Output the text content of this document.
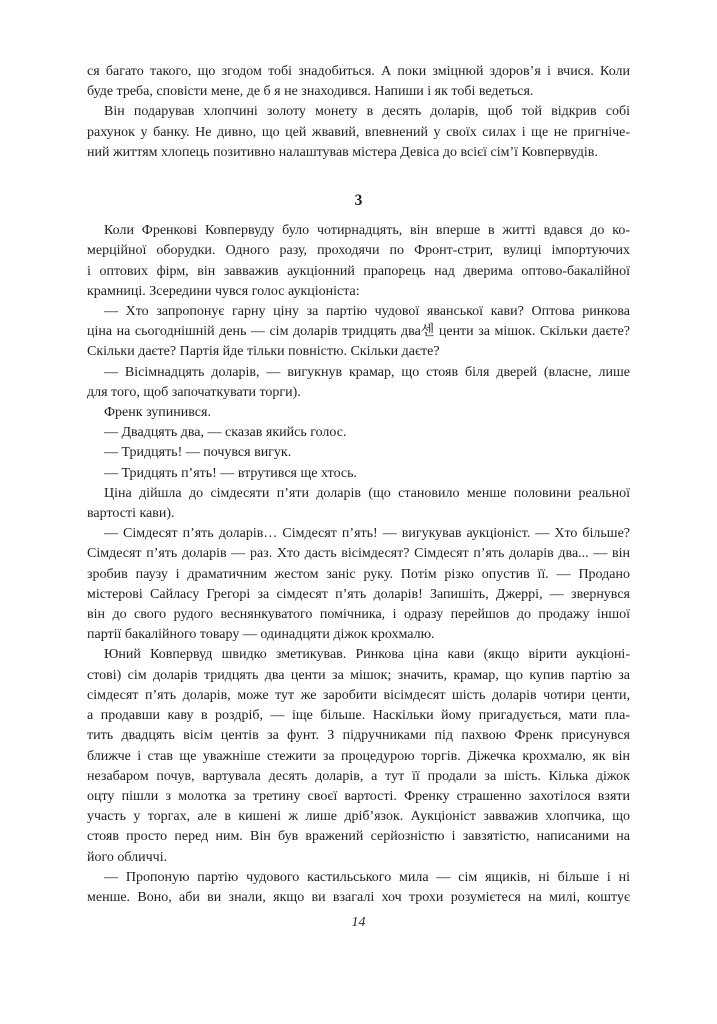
ся багато такого, що згодом тобі знадобиться. А поки зміцнюй здоров’я і вчися. Коли
буде треба, сповісти мене, де б я не знаходився. Напиши і як тобі ведеться.

Він подарував хлопчині золоту монету в десять доларів, щоб той відкрив собі
рахунок у банку. Не дивно, що цей жвавий, впевнений у своїх силах і ще не пригніче-
ний життям хлопець позитивно налаштував містера Девіса до всієї сім’ї Ковпервудів.

3

Коли Френкові Ковпервуду було чотирнадцять, він вперше в житті вдався до ко-
мерційної оборудки. Одного разу, проходячи по Фронт-стрит, вулиці імпортуючих
і оптових фірм, він завважив аукціонний прапорець над дверима оптово-бакалійної
крамниці. Зсередини чувся голос аукціоніста:

— Хто запропонує гарну ціну за партію чудової яванської кави? Оптова ринкова
ціна на сьогоднішній день — сім доларів тридцять два센 центи за мішок. Скільки даєте?
Скільки даєте? Партія йде тільки повністю. Скільки даєте?

— Вісімнадцять доларів, — вигукнув крамар, що стояв біля дверей (власне, лише
для того, щоб започаткувати торги).

Френк зупинився.

— Двадцять два, — сказав якийсь голос.

— Тридцять! — почувся вигук.

— Тридцять п’ять! — втрутився ще хтось.

Ціна дійшла до сімдесяти п’яти доларів (що становило менше половини реальної
вартості кави).

— Сімдесят п’ять доларів… Сімдесят п’ять! — вигукував аукціоніст. — Хто більше?
Сімдесят п’ять доларів — раз. Хто дасть вісімдесят? Сімдесят п’ять доларів два... — він
зробив паузу і драматичним жестом заніс руку. Потім різко опустив її. — Продано
містерові Сайласу Грегорі за сімдесят п’ять доларів! Запишіть, Джеррі, — звернувся
він до свого рудого веснянкуватого помічника, і одразу перейшов до продажу іншої
партії бакалійного товару — одинадцяти діжок крохмалю.

Юний Ковпервуд швидко зметикував. Ринкова ціна кави (якщо вірити аукціоні-
стові) сім доларів тридцять два центи за мішок; значить, крамар, що купив партію за
сімдесят п’ять доларів, може тут же заробити вісімдесят шість доларів чотири центи,
а продавши каву в роздріб, — іще більше. Наскільки йому пригадується, мати пла-
тить двадцять вісім центів за фунт. З підручниками під пахвою Френк присунувся
ближче і став ще уважніше стежити за процедурою торгів. Діжечка крохмалю, як він
незабаром почув, вартувала десять доларів, а тут її продали за шість. Кілька діжок
оцту пішли з молотка за третину своєї вартості. Френку страшенно захотілося взяти
участь у торгах, але в кишені ж лише дріб’язок. Аукціоніст завважив хлопчика, що
стояв просто перед ним. Він був вражений серйозністю і завзятістю, написаними на
його обличчі.

— Пропоную партію чудового кастильського мила — сім ящиків, ні більше і ні
менше. Воно, аби ви знали, якщо ви взагалі хоч трохи розумієтеся на милі, коштує

14
